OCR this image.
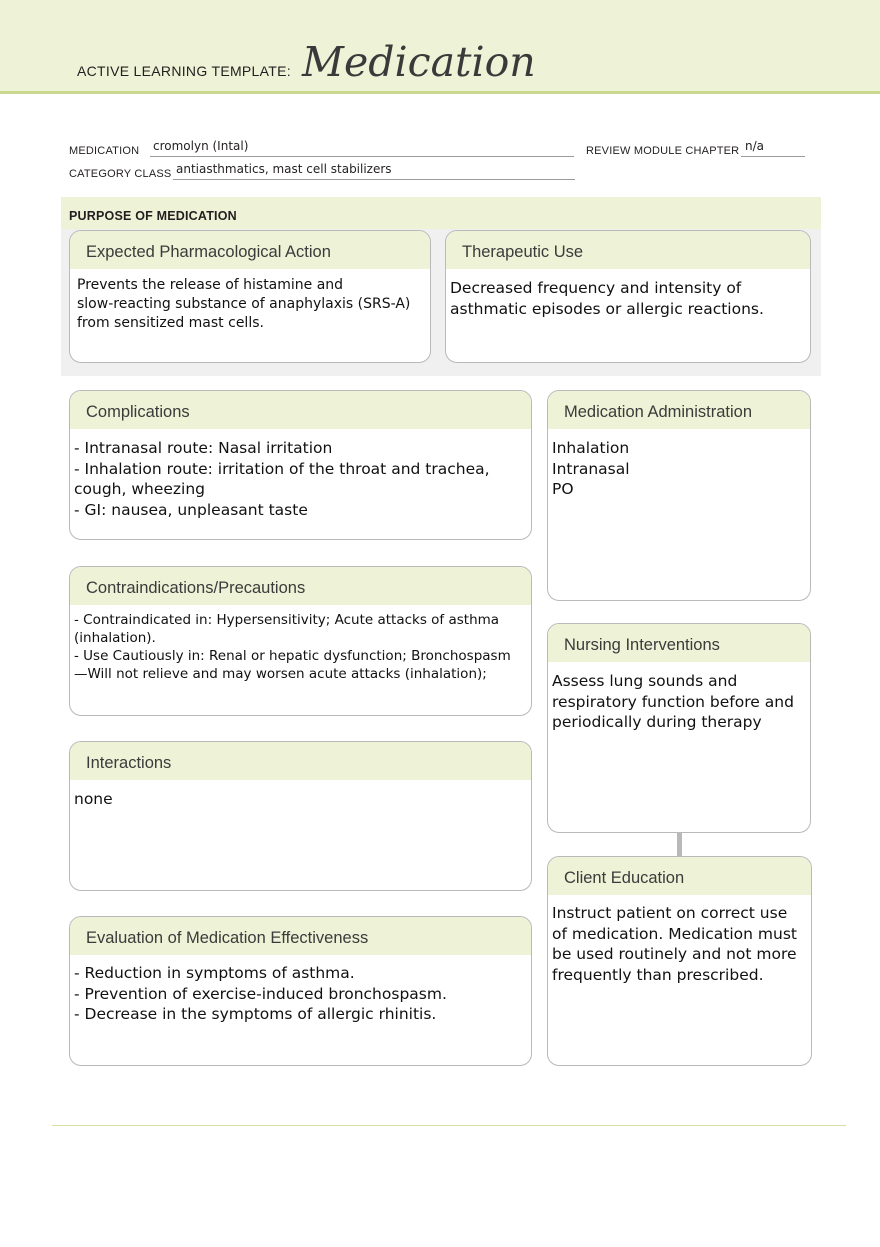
ACTIVE LEARNING TEMPLATE: Medication
MEDICATION cromolyn (Intal)	REVIEW MODULE CHAPTER n/a
CATEGORY CLASS antiasthmatics, mast cell stabilizers
PURPOSE OF MEDICATION
Expected Pharmacological Action
Prevents the release of histamine and
slow-reacting substance of anaphylaxis (SRS-A)
from sensitized mast cells.
Therapeutic Use
Decreased frequency and intensity of
asthmatic episodes or allergic reactions.
Complications
- Intranasal route: Nasal irritation
- Inhalation route: irritation of the throat and trachea,
cough, wheezing
- GI: nausea, unpleasant taste
Medication Administration
Inhalation
Intranasal
PO
Contraindications/Precautions
- Contraindicated in: Hypersensitivity; Acute attacks of asthma
(inhalation).
- Use Cautiously in: Renal or hepatic dysfunction; Bronchospasm
—Will not relieve and may worsen acute attacks (inhalation);
Nursing Interventions
Assess lung sounds and
respiratory function before and
periodically during therapy
Interactions
none
Client Education
Instruct patient on correct use
of medication. Medication must
be used routinely and not more
frequently than prescribed.
Evaluation of Medication Effectiveness
- Reduction in symptoms of asthma.
- Prevention of exercise-induced bronchospasm.
- Decrease in the symptoms of allergic rhinitis.
